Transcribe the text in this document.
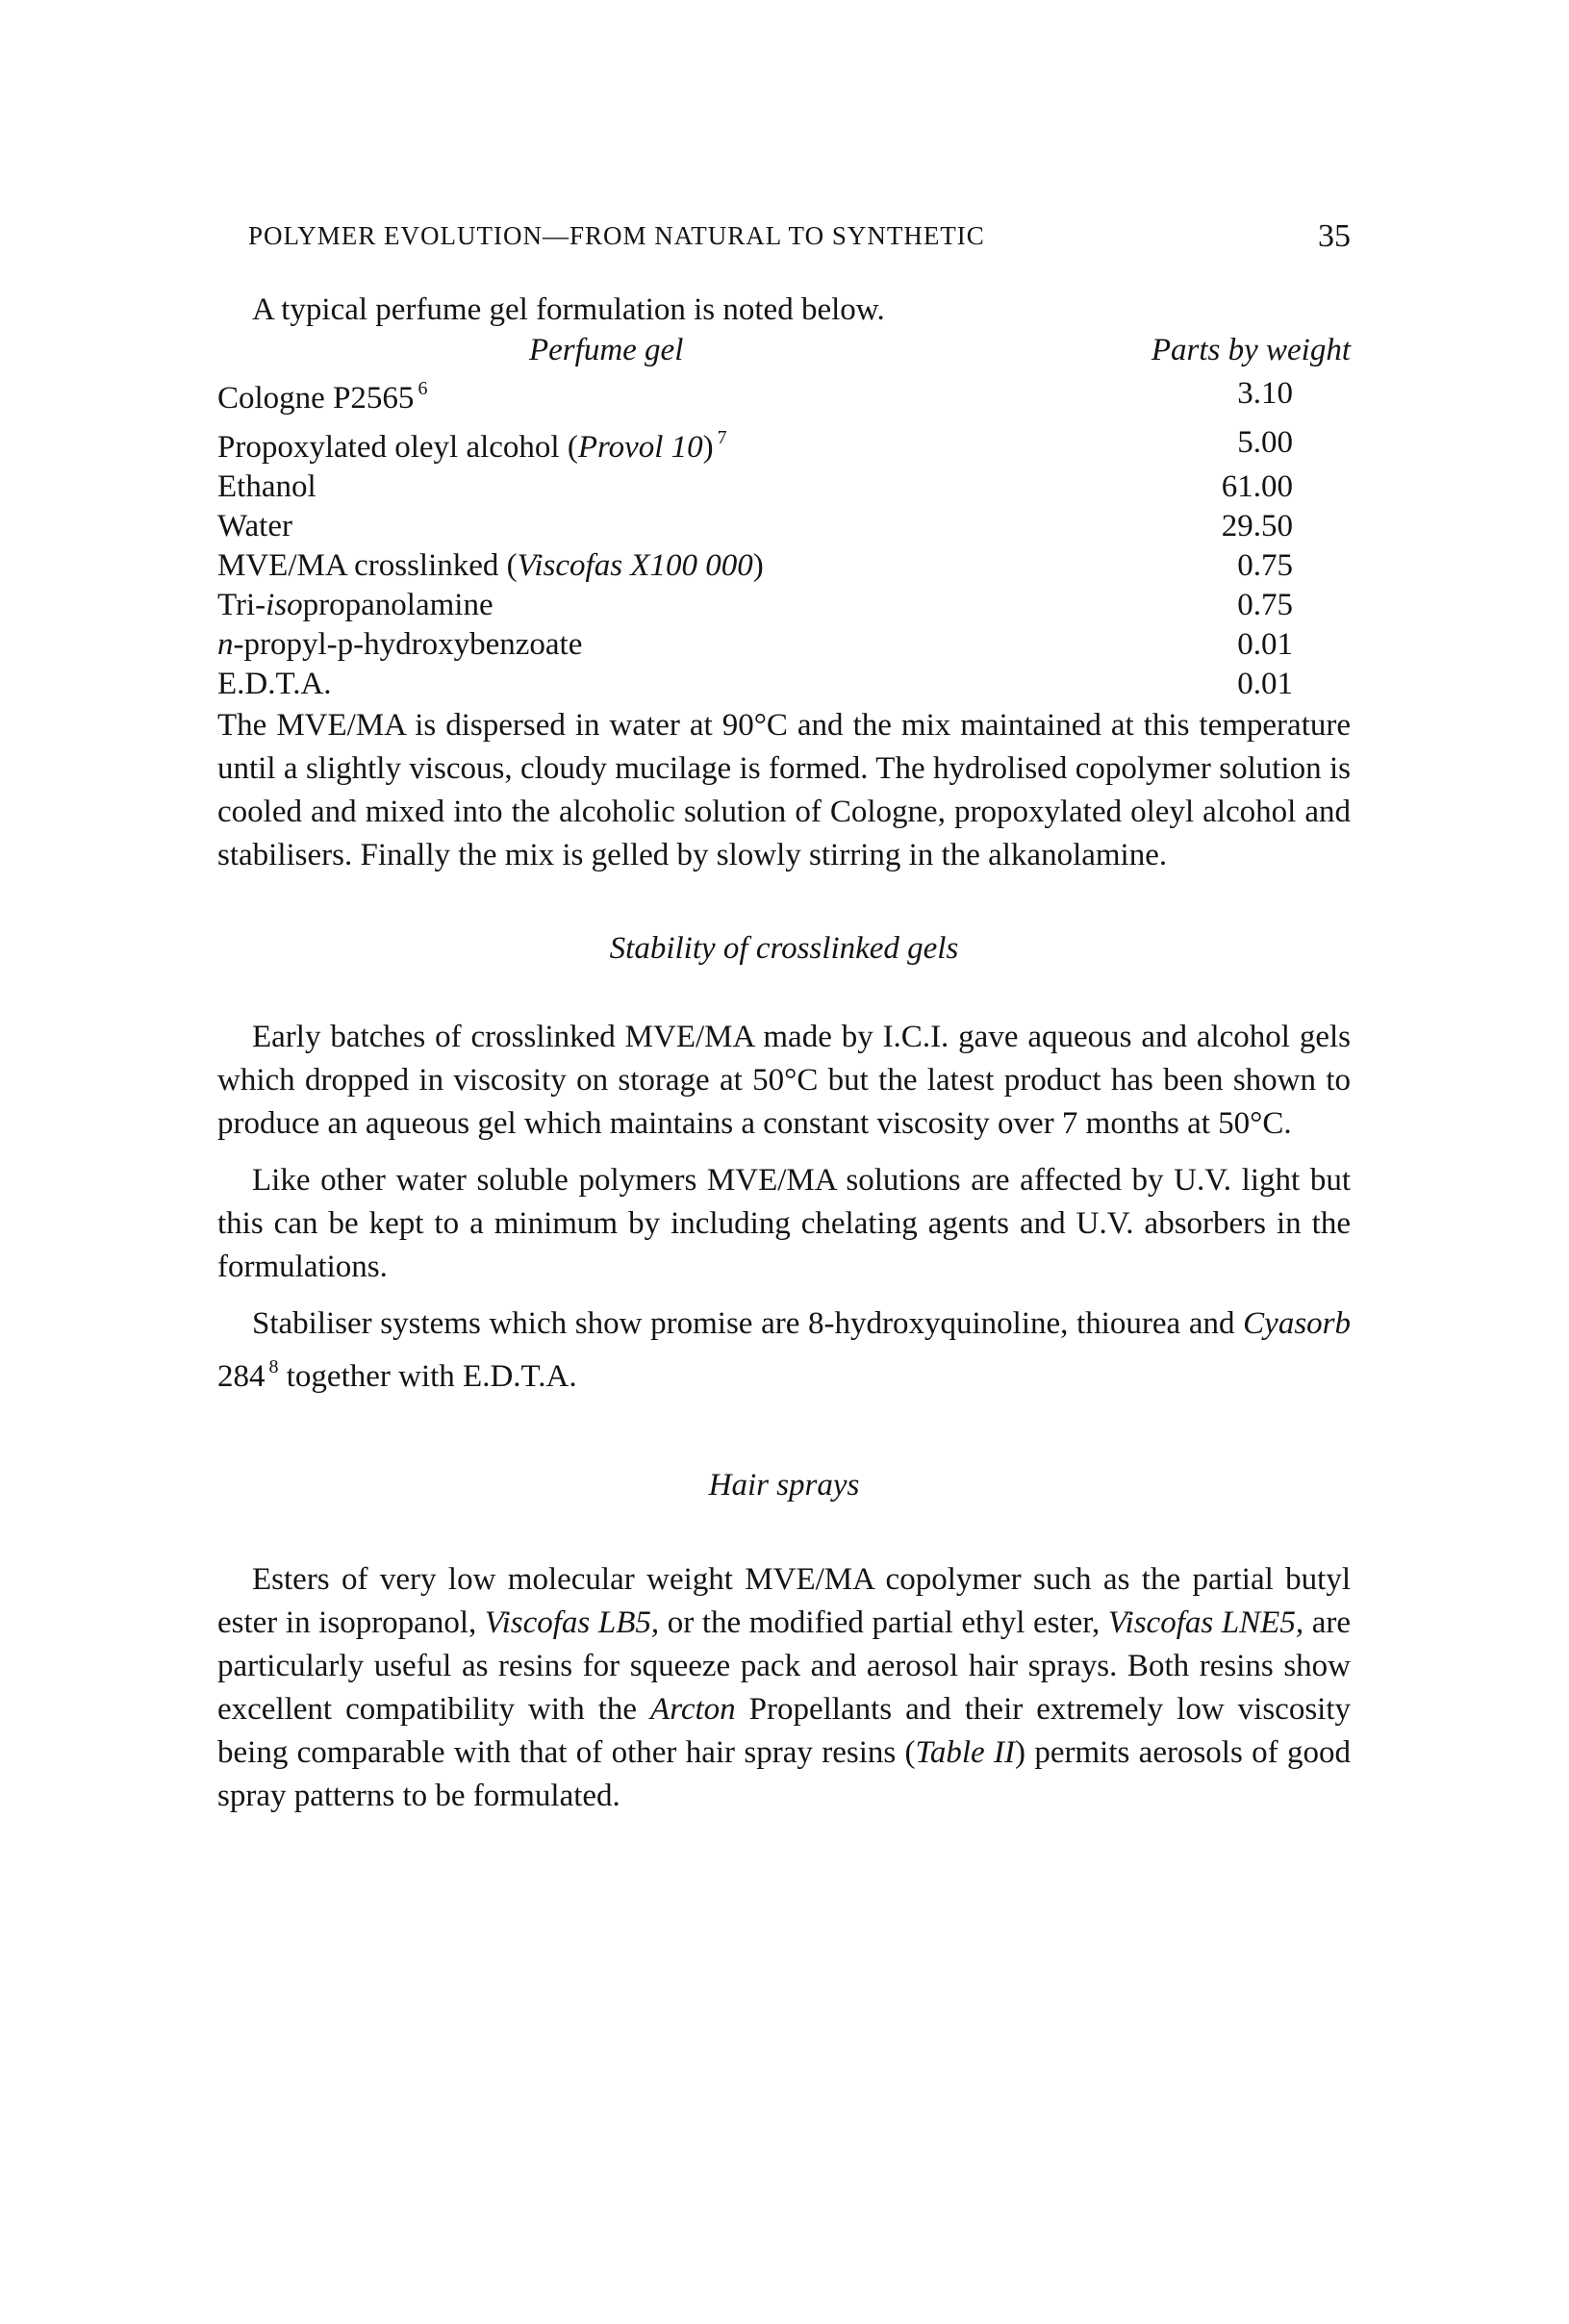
POLYMER EVOLUTION—FROM NATURAL TO SYNTHETIC	35
A typical perfume gel formulation is noted below.
Perfume gel	Parts by weight
Cologne P2565 $^6$	3.10
Propoxylated oleyl alcohol (Provol 10) $^7$	5.00
Ethanol	61.00
Water	29.50
MVE/MA crosslinked (Viscofas X100 000)	0.75
Tri-isopropanolamine	0.75
n-propyl-p-hydroxybenzoate	0.01
E.D.T.A.	0.01

The MVE/MA is dispersed in water at 90°C and the mix maintained at this temperature until a slightly viscous, cloudy mucilage is formed. The hydrolised copolymer solution is cooled and mixed into the alcoholic solution of Cologne, propoxylated oleyl alcohol and stabilisers. Finally the mix is gelled by slowly stirring in the alkanolamine.

Stability of crosslinked gels

Early batches of crosslinked MVE/MA made by I.C.I. gave aqueous and alcohol gels which dropped in viscosity on storage at 50°C but the latest product has been shown to produce an aqueous gel which maintains a constant viscosity over 7 months at 50°C.

Like other water soluble polymers MVE/MA solutions are affected by U.V. light but this can be kept to a minimum by including chelating agents and U.V. absorbers in the formulations.

Stabiliser systems which show promise are 8-hydroxyquinoline, thiourea and Cyasorb 284 $^8$ together with E.D.T.A.

Hair sprays

Esters of very low molecular weight MVE/MA copolymer such as the partial butyl ester in isopropanol, Viscofas LB5, or the modified partial ethyl ester, Viscofas LNE5, are particularly useful as resins for squeeze pack and aerosol hair sprays. Both resins show excellent compatibility with the Arcton Propellants and their extremely low viscosity being comparable with that of other hair spray resins (Table II) permits aerosols of good spray patterns to be formulated.
